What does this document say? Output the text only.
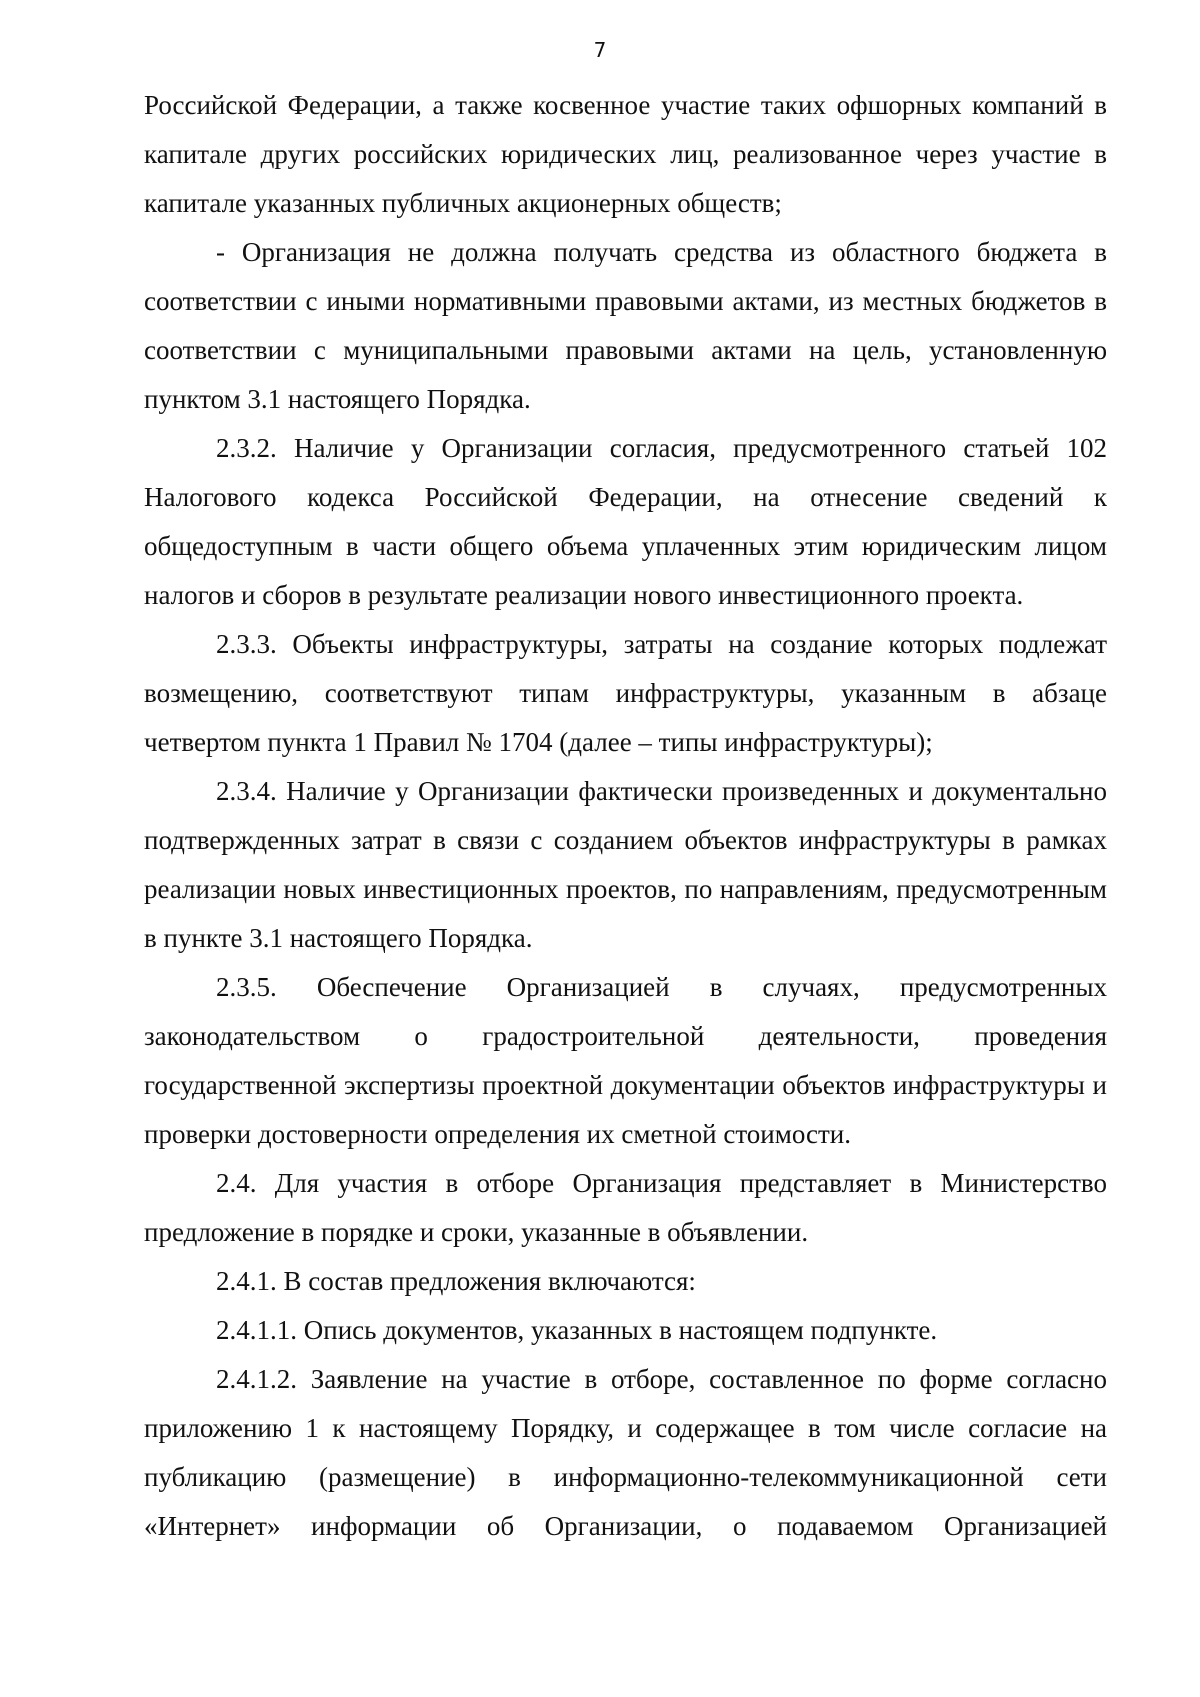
7

Российской Федерации, а также косвенное участие таких офшорных компаний в капитале других российских юридических лиц, реализованное через участие в капитале указанных публичных акционерных обществ;

- Организация не должна получать средства из областного бюджета в соответствии с иными нормативными правовыми актами, из местных бюджетов в соответствии с муниципальными правовыми актами на цель, установленную пунктом 3.1 настоящего Порядка.

2.3.2. Наличие у Организации согласия, предусмотренного статьей 102 Налогового кодекса Российской Федерации, на отнесение сведений к общедоступным в части общего объема уплаченных этим юридическим лицом налогов и сборов в результате реализации нового инвестиционного проекта.

2.3.3. Объекты инфраструктуры, затраты на создание которых подлежат возмещению, соответствуют типам инфраструктуры, указанным в абзаце четвертом пункта 1 Правил № 1704 (далее – типы инфраструктуры);

2.3.4. Наличие у Организации фактически произведенных и документально подтвержденных затрат в связи с созданием объектов инфраструктуры в рамках реализации новых инвестиционных проектов, по направлениям, предусмотренным в пункте 3.1 настоящего Порядка.

2.3.5. Обеспечение Организацией в случаях, предусмотренных законодательством о градостроительной деятельности, проведения государственной экспертизы проектной документации объектов инфраструктуры и проверки достоверности определения их сметной стоимости.

2.4. Для участия в отборе Организация представляет в Министерство предложение в порядке и сроки, указанные в объявлении.

2.4.1. В состав предложения включаются:

2.4.1.1. Опись документов, указанных в настоящем подпункте.

2.4.1.2. Заявление на участие в отборе, составленное по форме согласно приложению 1 к настоящему Порядку, и содержащее в том числе согласие на публикацию (размещение) в информационно-телекоммуникационной сети «Интернет» информации об Организации, о подаваемом Организацией
